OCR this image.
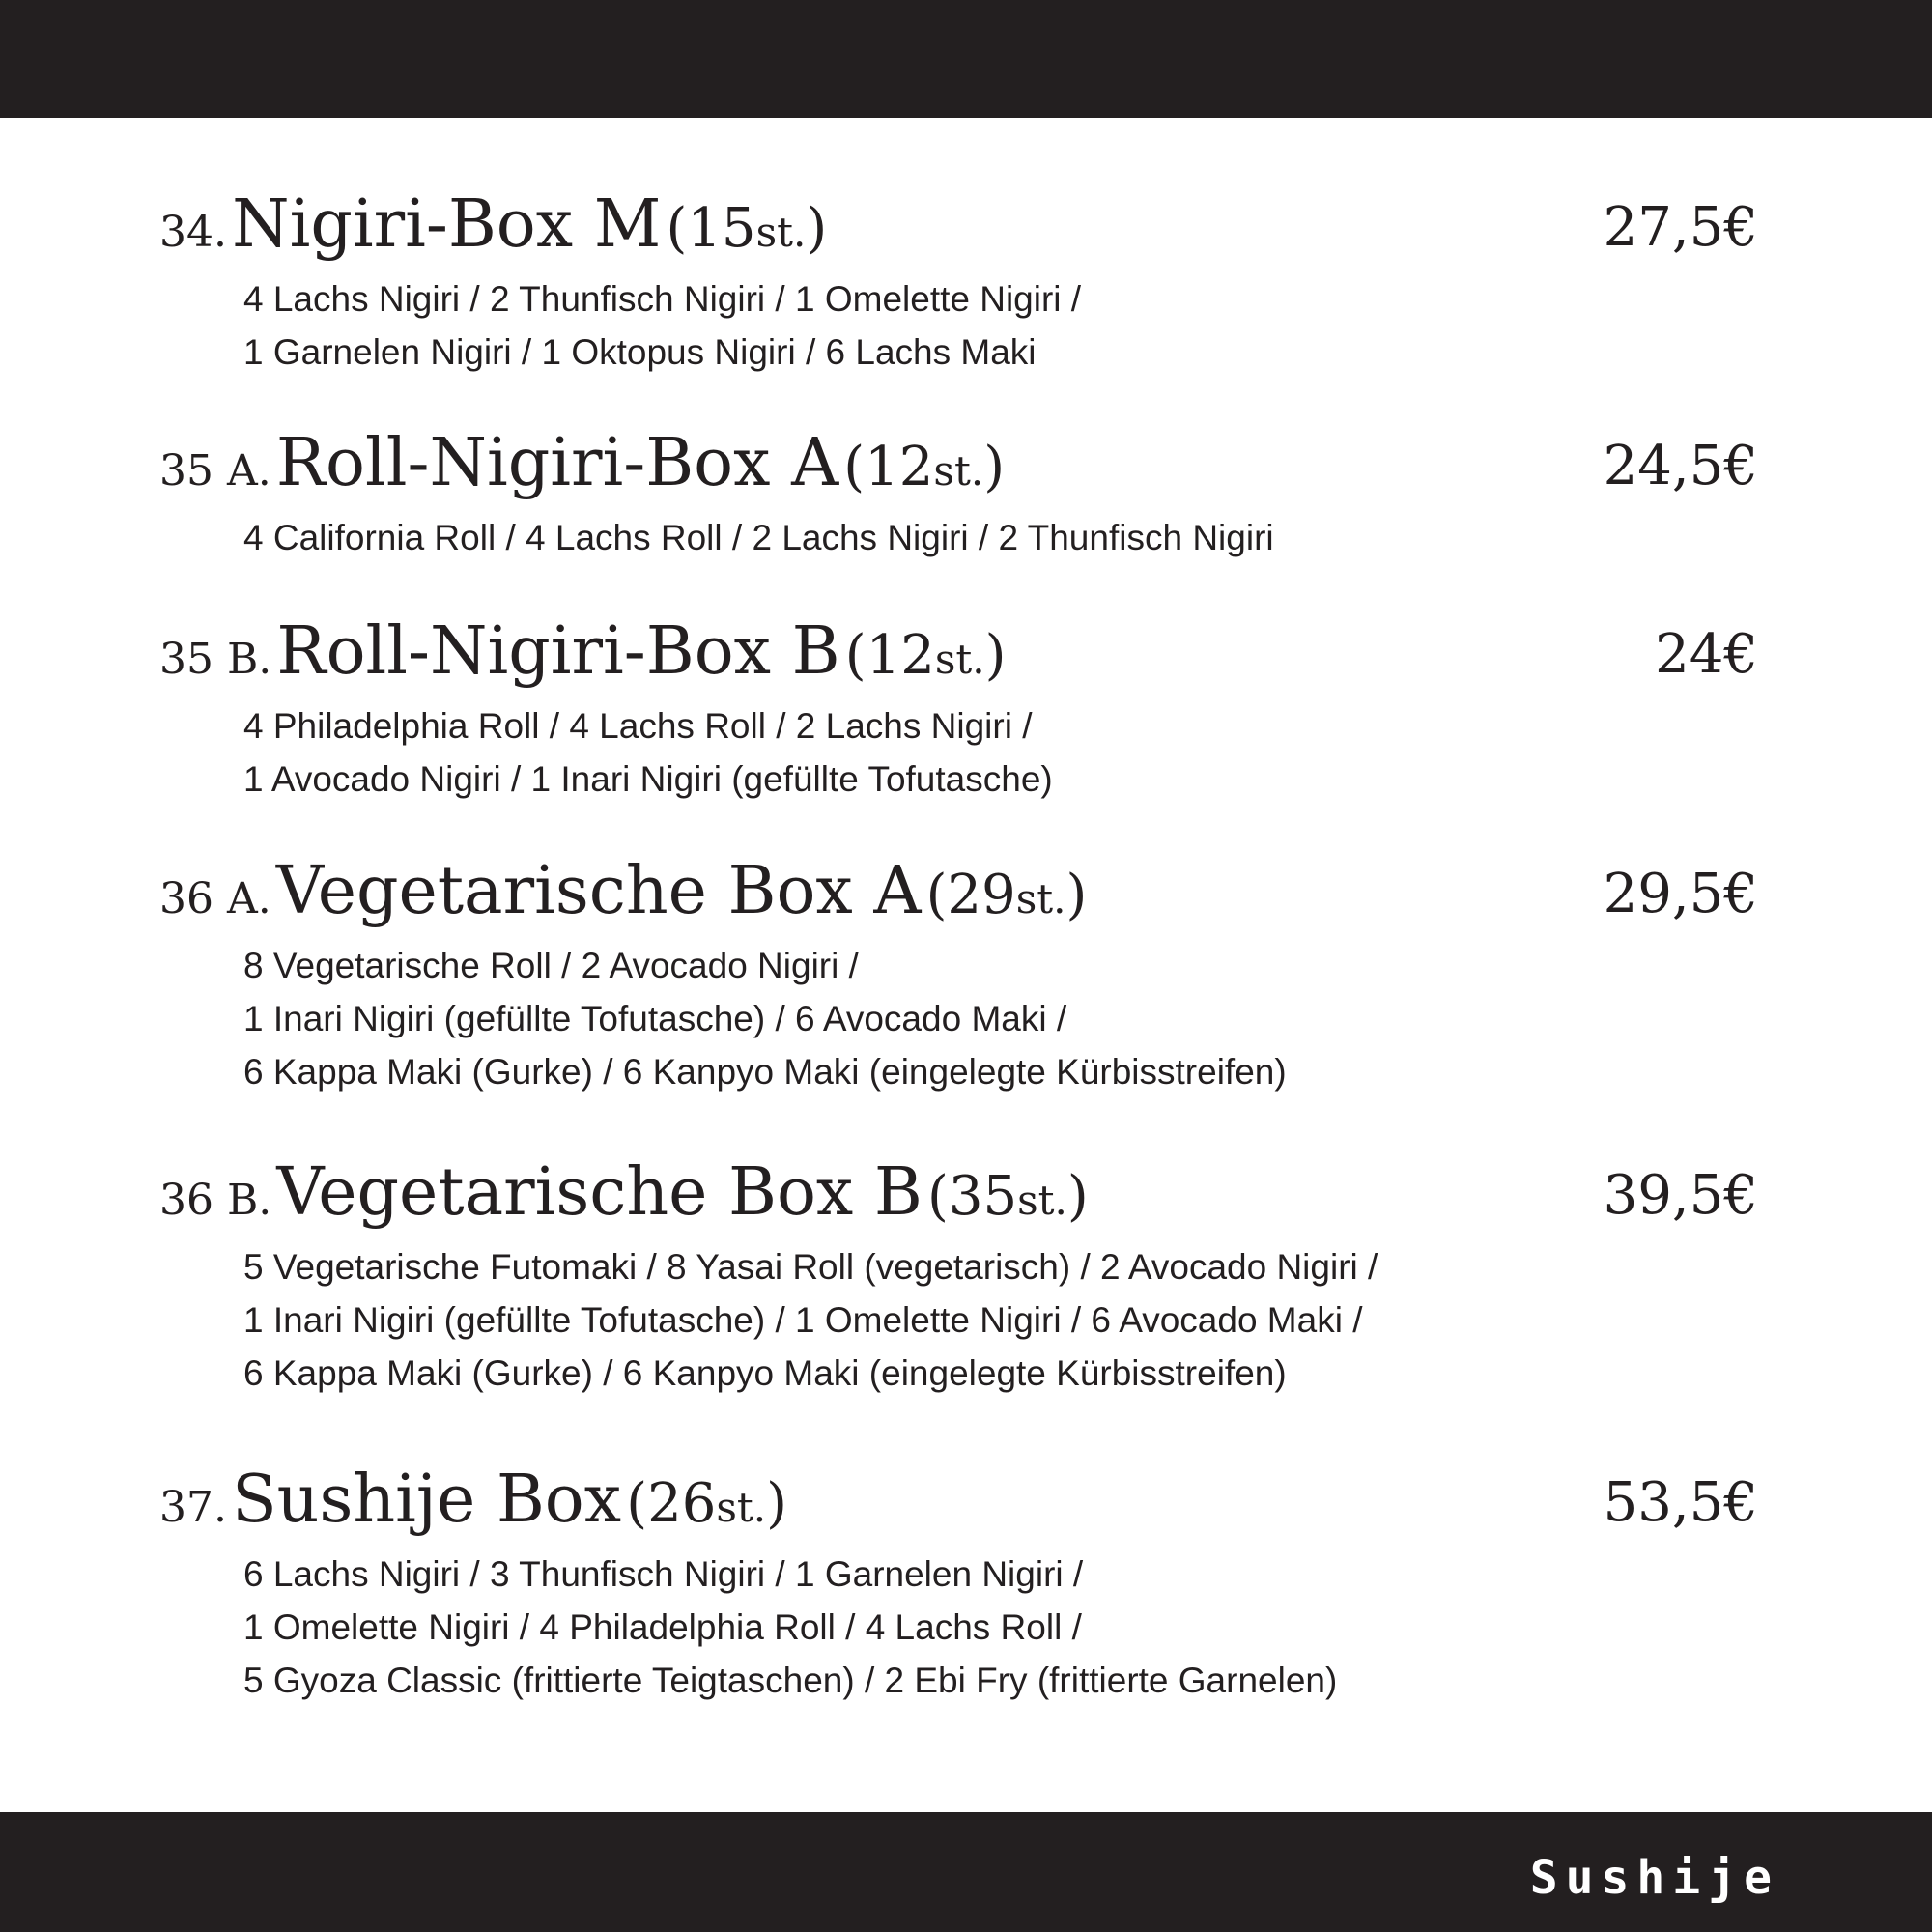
34. Nigiri-Box M (15st.)	27,5€
4 Lachs Nigiri / 2 Thunfisch Nigiri / 1 Omelette Nigiri /
1 Garnelen Nigiri / 1 Oktopus Nigiri / 6 Lachs Maki
35 A. Roll-Nigiri-Box A (12st.)	24,5€
4 California Roll / 4 Lachs Roll / 2 Lachs Nigiri / 2 Thunfisch Nigiri
35 B. Roll-Nigiri-Box B (12st.)	24€
4 Philadelphia Roll / 4 Lachs Roll / 2 Lachs Nigiri /
1 Avocado Nigiri / 1 Inari Nigiri (gefüllte Tofutasche)
36 A. Vegetarische Box A (29st.)	29,5€
8 Vegetarische Roll / 2 Avocado Nigiri /
1 Inari Nigiri (gefüllte Tofutasche) / 6 Avocado Maki /
6 Kappa Maki (Gurke) / 6 Kanpyo Maki (eingelegte Kürbisstreifen)
36 B. Vegetarische Box B (35st.)	39,5€
5 Vegetarische Futomaki / 8 Yasai Roll (vegetarisch) / 2 Avocado Nigiri /
1 Inari Nigiri (gefüllte Tofutasche) / 1 Omelette Nigiri / 6 Avocado Maki /
6 Kappa Maki (Gurke) / 6 Kanpyo Maki (eingelegte Kürbisstreifen)
37. Sushije Box (26st.)	53,5€
6 Lachs Nigiri / 3 Thunfisch Nigiri / 1 Garnelen Nigiri /
1 Omelette Nigiri / 4 Philadelphia Roll / 4 Lachs Roll /
5 Gyoza Classic (frittierte Teigtaschen) / 2 Ebi Fry (frittierte Garnelen)
Sushije
